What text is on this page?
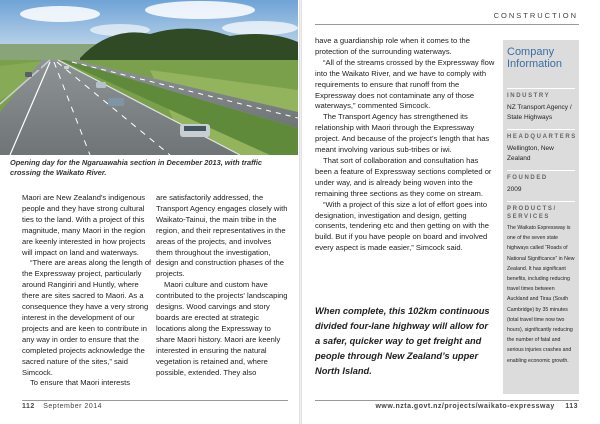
Opening day for the Ngaruawahia section in December 2013, with traffic crossing the Waikato River.

Maori are New Zealand's indigenous people and they have strong cultural ties to the land. With a project of this magnitude, many Maori in the region are keenly interested in how projects will impact on land and waterways.

“There are areas along the length of the Expressway project, particularly around Rangiriri and Huntly, where there are sites sacred to Maori. As a consequence they have a very strong interest in the development of our projects and are keen to contribute in any way in order to ensure that the completed projects acknowledge the sacred nature of the sites,” said Simcock.

To ensure that Maori interests

are satisfactorily addressed, the Transport Agency engages closely with Waikato-Tainui, the main tribe in the region, and their representatives in the areas of the projects, and involves them throughout the investigation, design and construction phases of the projects.

Maori culture and custom have contributed to the projects' landscaping designs. Wood carvings and story boards are erected at strategic locations along the Expressway to share Maori history. Maori are keenly interested in ensuring the natural vegetation is retained and, where possible, extended. They also

112 September 2014
CONSTRUCTION

have a guardianship role when it comes to the protection of the surrounding waterways.

“All of the streams crossed by the Expressway flow into the Waikato River, and we have to comply with requirements to ensure that runoff from the Expressway does not contaminate any of those waterways,” commented Simcock.

The Transport Agency has strengthened its relationship with Maori through the Expressway project. And because of the project’s length that has meant involving various sub-tribes or iwi.

That sort of collaboration and consultation has been a feature of Expressway sections completed or under way, and is already being woven into the remaining three sections as they come on stream.

“With a project of this size a lot of effort goes into designation, investigation and design, getting consents, tendering etc and then getting on with the build. But if you have people on board and involved every aspect is made easier,” Simcock said.

When complete, this 102km continuous divided four-lane highway will allow for a safer, quicker way to get freight and people through New Zealand’s upper North Island.
Company Information
INDUSTRY
NZ Transport Agency / State Highways
HEADQUARTERS
Wellington, New Zealand
FOUNDED
2009
PRODUCTS/ SERVICES
The Waikato Expressway is one of the seven state highways called “Roads of National Significance” in New Zealand. It has significant benefits, including reducing travel times between Auckland and Tirau (South Cambridge) by 35 minutes (total travel time now two hours), significantly reducing the number of fatal and serious injuries crashes and enabling economic growth.
www.nzta.govt.nz/projects/waikato-expressway 113
